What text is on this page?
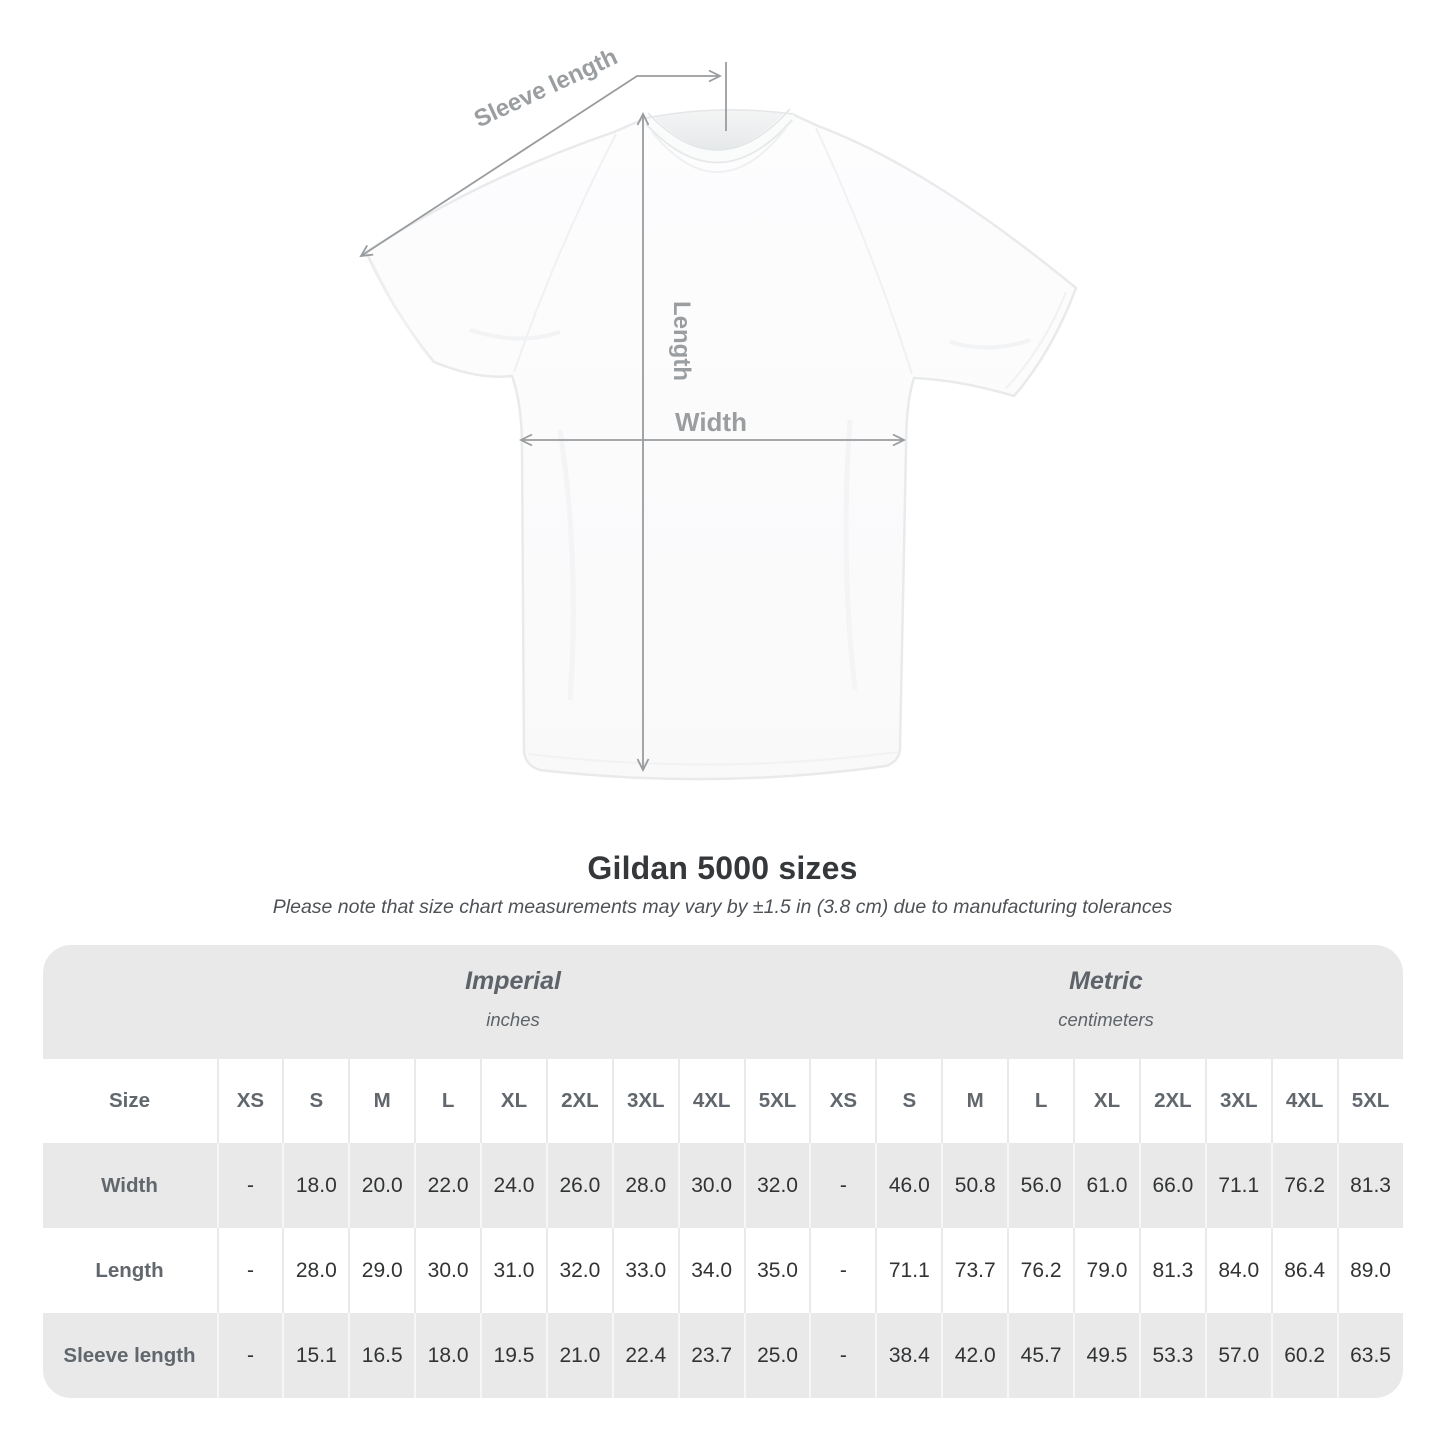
Sleeve length
Length
Width
Gildan 5000 sizes

Please note that size chart measurements may vary by ±1.5 in (3.8 cm) due to manufacturing tolerances

Imperial
inches
Metric
centimeters
Size	XS	S	M	L	XL	2XL	3XL	4XL	5XL	XS	S	M	L	XL	2XL	3XL	4XL	5XL
Width	-	18.0	20.0	22.0	24.0	26.0	28.0	30.0	32.0	-	46.0	50.8	56.0	61.0	66.0	71.1	76.2	81.3
Length	-	28.0	29.0	30.0	31.0	32.0	33.0	34.0	35.0	-	71.1	73.7	76.2	79.0	81.3	84.0	86.4	89.0
Sleeve length	-	15.1	16.5	18.0	19.5	21.0	22.4	23.7	25.0	-	38.4	42.0	45.7	49.5	53.3	57.0	60.2	63.5
